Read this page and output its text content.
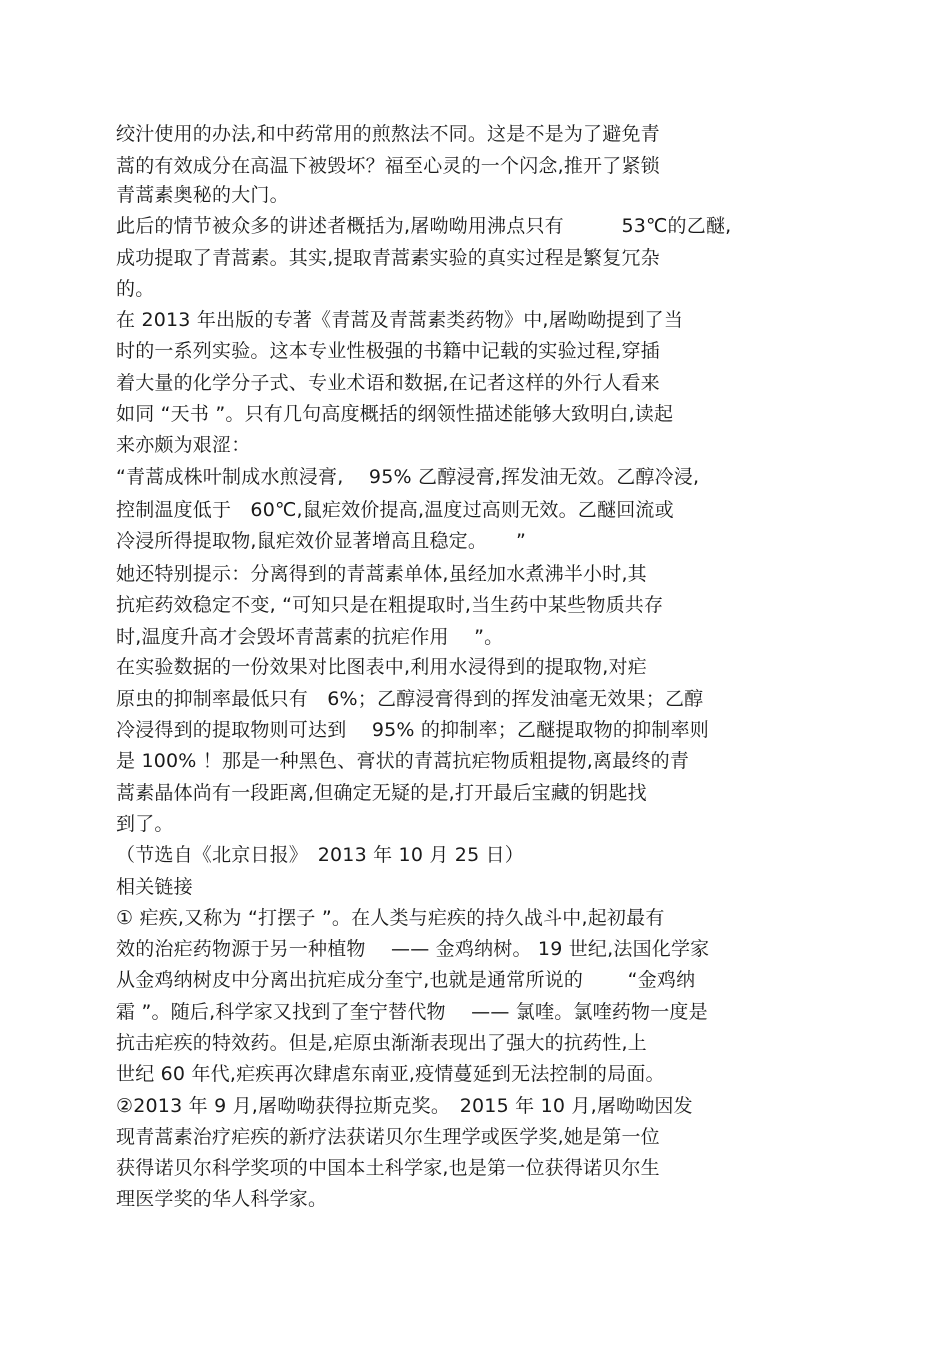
绞汁使用的办法,和中药常用的煎熬法不同。这是不是为了避免青
蒿的有效成分在高温下被毁坏？福至心灵的一个闪念,推开了紧锁
青蒿素奥秘的大门。
此后的情节被众多的讲述者概括为,屠呦呦用沸点只有　　　53℃的乙醚,
成功提取了青蒿素。其实,提取青蒿素实验的真实过程是繁复冗杂
的。
在 2013 年出版的专著《青蒿及青蒿素类药物》中,屠呦呦提到了当
时的一系列实验。这本专业性极强的书籍中记载的实验过程,穿插
着大量的化学分子式、专业术语和数据,在记者这样的外行人看来
如同 “天书 ”。只有几句高度概括的纲领性描述能够大致明白,读起
来亦颇为艰涩：
“青蒿成株叶制成水煎浸膏,　 95% 乙醇浸膏,挥发油无效。乙醇冷浸,
控制温度低于　60℃,鼠疟效价提高,温度过高则无效。乙醚回流或
冷浸所得提取物,鼠疟效价显著增高且稳定。　　”
她还特别提示：分离得到的青蒿素单体,虽经加水煮沸半小时,其
抗疟药效稳定不变, “可知只是在粗提取时,当生药中某些物质共存
时,温度升高才会毁坏青蒿素的抗疟作用　 ”。
在实验数据的一份效果对比图表中,利用水浸得到的提取物,对疟
原虫的抑制率最低只有　6%；乙醇浸膏得到的挥发油毫无效果；乙醇
冷浸得到的提取物则可达到　 95% 的抑制率；乙醚提取物的抑制率则
是 100% ！那是一种黑色、膏状的青蒿抗疟物质粗提物,离最终的青
蒿素晶体尚有一段距离,但确定无疑的是,打开最后宝藏的钥匙找
到了。
（节选自《北京日报》　2013 年 10 月 25 日）
相关链接
① 疟疾,又称为 “打摆子 ”。在人类与疟疾的持久战斗中,起初最有
效的治疟药物源于另一种植物　 —— 金鸡纳树。 19 世纪,法国化学家
从金鸡纳树皮中分离出抗疟成分奎宁,也就是通常所说的　　 “金鸡纳
霜 ”。随后,科学家又找到了奎宁替代物　 —— 氯喹。氯喹药物一度是
抗击疟疾的特效药。但是,疟原虫渐渐表现出了强大的抗药性,上
世纪 60 年代,疟疾再次肆虐东南亚,疫情蔓延到无法控制的局面。
②2013 年 9 月,屠呦呦获得拉斯克奖。　2015 年 10 月,屠呦呦因发
现青蒿素治疗疟疾的新疗法获诺贝尔生理学或医学奖,她是第一位
获得诺贝尔科学奖项的中国本土科学家,也是第一位获得诺贝尔生
理医学奖的华人科学家。
